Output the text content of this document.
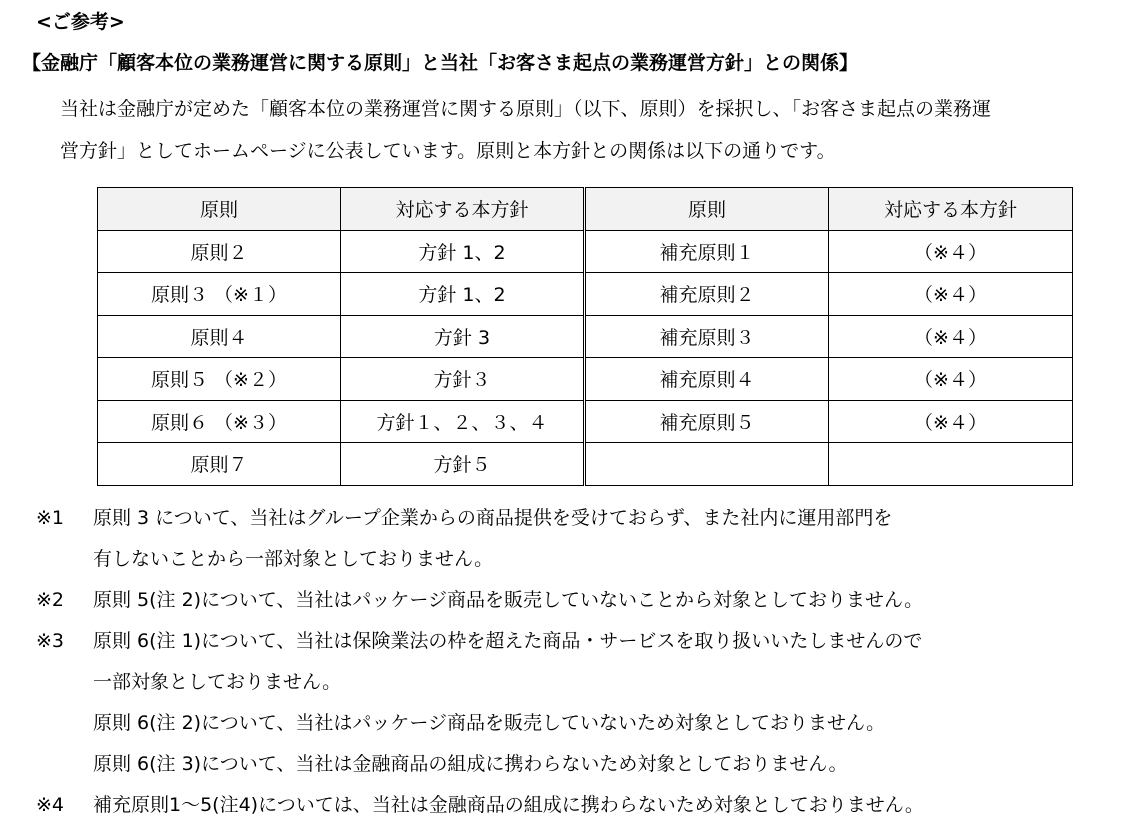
<ご参考>
【金融庁「顧客本位の業務運営に関する原則」と当社「お客さま起点の業務運営方針」との関係】

当社は金融庁が定めた「顧客本位の業務運営に関する原則」（以下、原則）を採択し、「お客さま起点の業務運

営方針」としてホームページに公表しています。原則と本方針との関係は以下の通りです。

原則	対応する本方針	原則	対応する本方針
原則２	方針 1、2	補充原則１	（※４）
原則３ （※１）	方針 1、2	補充原則２	（※４）
原則４	方針 3	補充原則３	（※４）
原則５ （※２）	方針３	補充原則４	（※４）
原則６ （※３）	方針１、２、３、４	補充原則５	（※４）
原則７	方針５		
※1 原則 3 について、当社はグループ企業からの商品提供を受けておらず、また社内に運用部門を
有しないことから一部対象としておりません。
※2 原則 5(注 2)について、当社はパッケージ商品を販売していないことから対象としておりません。
※3 原則 6(注 1)について、当社は保険業法の枠を超えた商品・サービスを取り扱いいたしませんので
一部対象としておりません。
原則 6(注 2)について、当社はパッケージ商品を販売していないため対象としておりません。
原則 6(注 3)について、当社は金融商品の組成に携わらないため対象としておりません。
※4 補充原則1～5(注4)については、当社は金融商品の組成に携わらないため対象としておりません。
